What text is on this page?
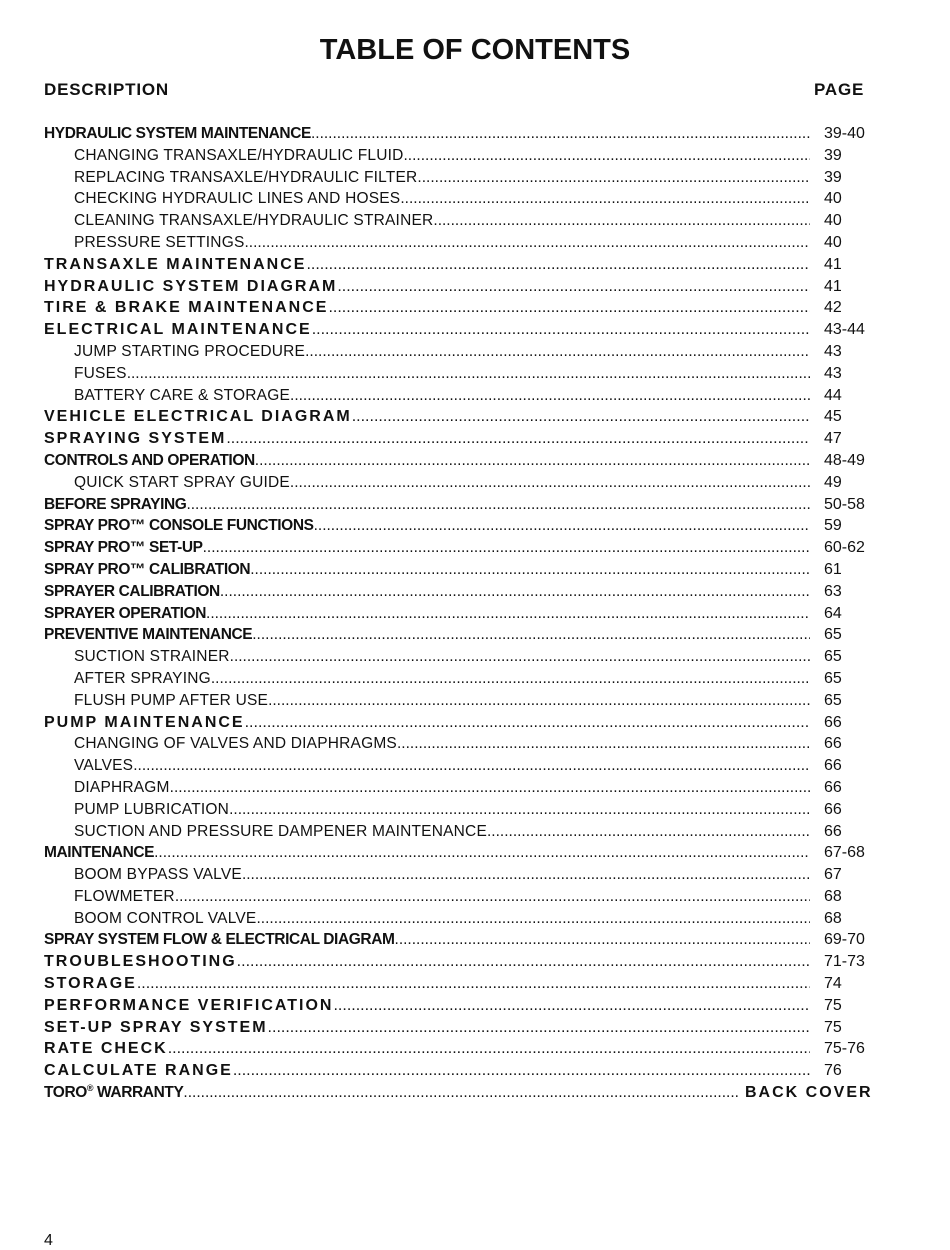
TABLE OF CONTENTS
DESCRIPTION	PAGE
HYDRAULIC SYSTEM MAINTENANCE .....	39-40
CHANGING TRANSAXLE/HYDRAULIC FLUID .....	39
REPLACING TRANSAXLE/HYDRAULIC FILTER .....	39
CHECKING HYDRAULIC LINES AND HOSES .....	40
CLEANING TRANSAXLE/HYDRAULIC STRAINER .....	40
PRESSURE SETTINGS .....	40
TRANSAXLE MAINTENANCE .....	41
HYDRAULIC SYSTEM DIAGRAM .....	41
TIRE & BRAKE MAINTENANCE .....	42
ELECTRICAL MAINTENANCE .....	43-44
JUMP STARTING PROCEDURE .....	43
FUSES .....	43
BATTERY CARE & STORAGE .....	44
VEHICLE ELECTRICAL DIAGRAM .....	45
SPRAYING SYSTEM .....	47
CONTROLS AND OPERATION .....	48-49
QUICK START SPRAY GUIDE .....	49
BEFORE SPRAYING .....	50-58
SPRAY PRO™ CONSOLE FUNCTIONS .....	59
SPRAY PRO™ SET-UP .....	60-62
SPRAY PRO™ CALIBRATION .....	61
SPRAYER CALIBRATION .....	63
SPRAYER OPERATION .....	64
PREVENTIVE MAINTENANCE .....	65
SUCTION STRAINER .....	65
AFTER SPRAYING .....	65
FLUSH PUMP AFTER USE .....	65
PUMP MAINTENANCE .....	66
CHANGING OF VALVES AND DIAPHRAGMS .....	66
VALVES .....	66
DIAPHRAGM .....	66
PUMP LUBRICATION .....	66
SUCTION AND PRESSURE DAMPENER MAINTENANCE .....	66
MAINTENANCE .....	67-68
BOOM BYPASS VALVE .....	67
FLOWMETER .....	68
BOOM CONTROL VALVE .....	68
SPRAY SYSTEM FLOW & ELECTRICAL DIAGRAM .....	69-70
TROUBLESHOOTING .....	71-73
STORAGE .....	74
PERFORMANCE VERIFICATION .....	75
SET-UP SPRAY SYSTEM .....	75
RATE CHECK .....	75-76
CALCULATE RANGE .....	76
TORO® WARRANTY .....	BACK COVER
4
